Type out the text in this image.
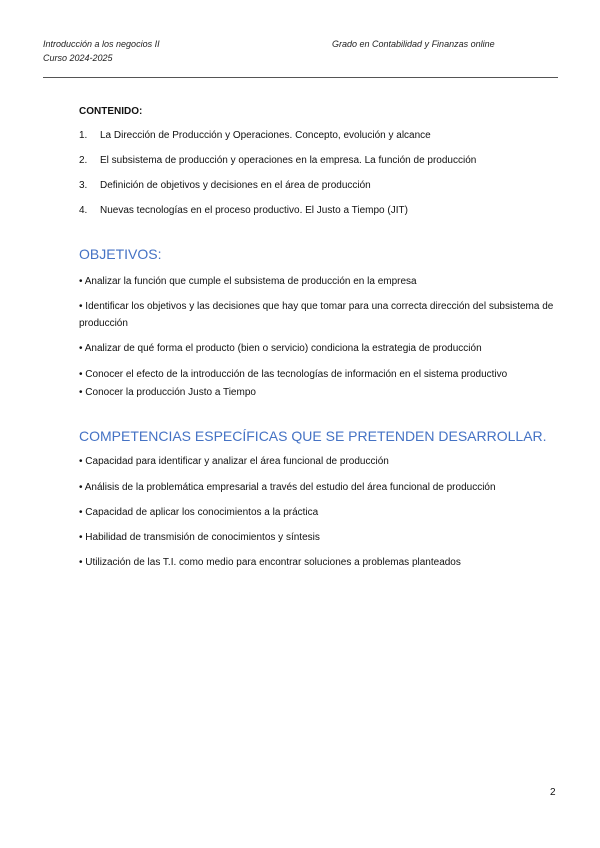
Introducción a los negocios II
Curso 2024-2025
Grado en Contabilidad y Finanzas online
CONTENIDO:
1. La Dirección de Producción y Operaciones. Concepto, evolución y alcance
2. El subsistema de producción y operaciones en la empresa. La función de producción
3. Definición de objetivos y decisiones en el área de producción
4. Nuevas tecnologías en el proceso productivo. El Justo a Tiempo (JIT)
OBJETIVOS:
• Analizar la función que cumple el subsistema de producción en la empresa
• Identificar los objetivos y las decisiones que hay que tomar para una correcta dirección del subsistema de producción
• Analizar de qué forma el producto (bien o servicio) condiciona la estrategia de producción
• Conocer el efecto de la introducción de las tecnologías de información en el sistema productivo
• Conocer la producción Justo a Tiempo
COMPETENCIAS ESPECÍFICAS QUE SE PRETENDEN DESARROLLAR.
• Capacidad para identificar y analizar el área funcional de producción
• Análisis de la problemática empresarial a través del estudio del área funcional de producción
• Capacidad de aplicar los conocimientos a la práctica
• Habilidad de transmisión de conocimientos y síntesis
• Utilización de las T.I. como medio para encontrar soluciones a problemas planteados
2
